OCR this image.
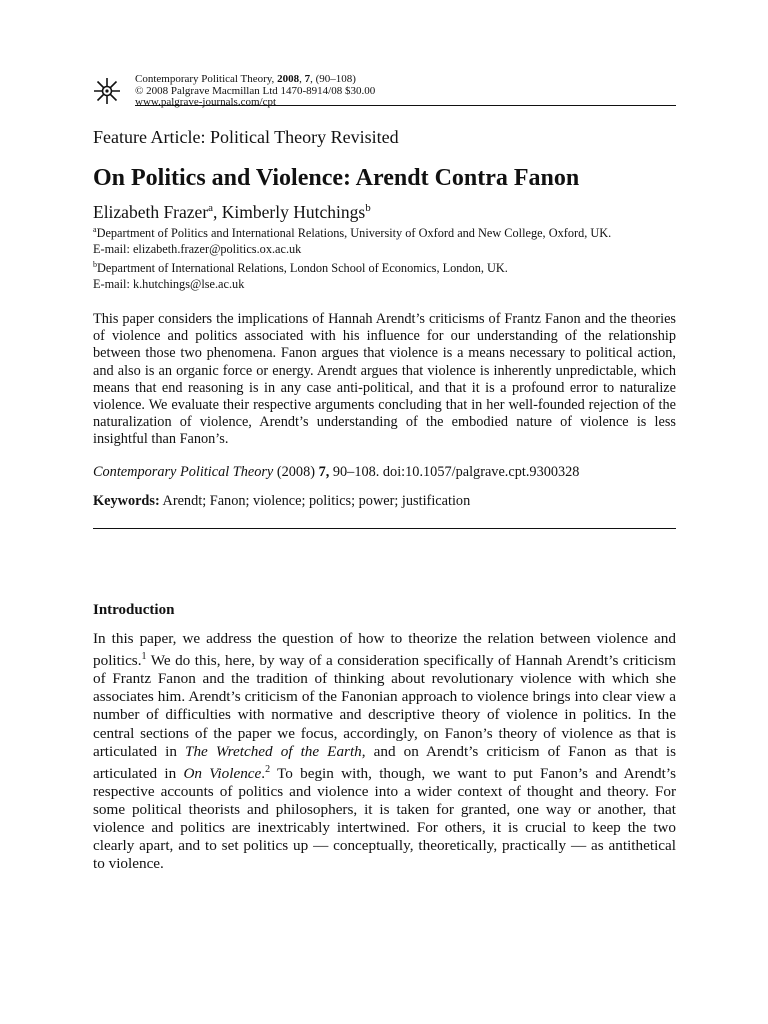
Contemporary Political Theory, 2008, 7, (90–108)
© 2008 Palgrave Macmillan Ltd 1470-8914/08 $30.00
www.palgrave-journals.com/cpt
Feature Article: Political Theory Revisited
On Politics and Violence: Arendt Contra Fanon
Elizabeth Frazer$^a$, Kimberly Hutchings$^b$
$^a$Department of Politics and International Relations, University of Oxford and New College, Oxford, UK.
E-mail: elizabeth.frazer@politics.ox.ac.uk
$^b$Department of International Relations, London School of Economics, London, UK.
E-mail: k.hutchings@lse.ac.uk
This paper considers the implications of Hannah Arendt’s criticisms of Frantz Fanon and the theories of violence and politics associated with his influence for our understanding of the relationship between those two phenomena. Fanon argues that violence is a means necessary to political action, and also is an organic force or energy. Arendt argues that violence is inherently unpredictable, which means that end reasoning is in any case anti-political, and that it is a profound error to naturalize violence. We evaluate their respective arguments concluding that in her well-founded rejection of the naturalization of violence, Arendt’s understanding of the embodied nature of violence is less insightful than Fanon’s.
Contemporary Political Theory (2008) 7, 90–108. doi:10.1057/palgrave.cpt.9300328
Keywords: Arendt; Fanon; violence; politics; power; justification
Introduction
In this paper, we address the question of how to theorize the relation between violence and politics.$^1$ We do this, here, by way of a consideration specifically of Hannah Arendt’s criticism of Frantz Fanon and the tradition of thinking about revolutionary violence with which she associates him. Arendt’s criticism of the Fanonian approach to violence brings into clear view a number of difficulties with normative and descriptive theory of violence in politics. In the central sections of the paper we focus, accordingly, on Fanon’s theory of violence as that is articulated in The Wretched of the Earth, and on Arendt’s criticism of Fanon as that is articulated in On Violence.$^2$ To begin with, though, we want to put Fanon’s and Arendt’s respective accounts of politics and violence into a wider context of thought and theory. For some political theorists and philosophers, it is taken for granted, one way or another, that violence and politics are inextricably intertwined. For others, it is crucial to keep the two clearly apart, and to set politics up — conceptually, theoretically, practically — as antithetical to violence.
